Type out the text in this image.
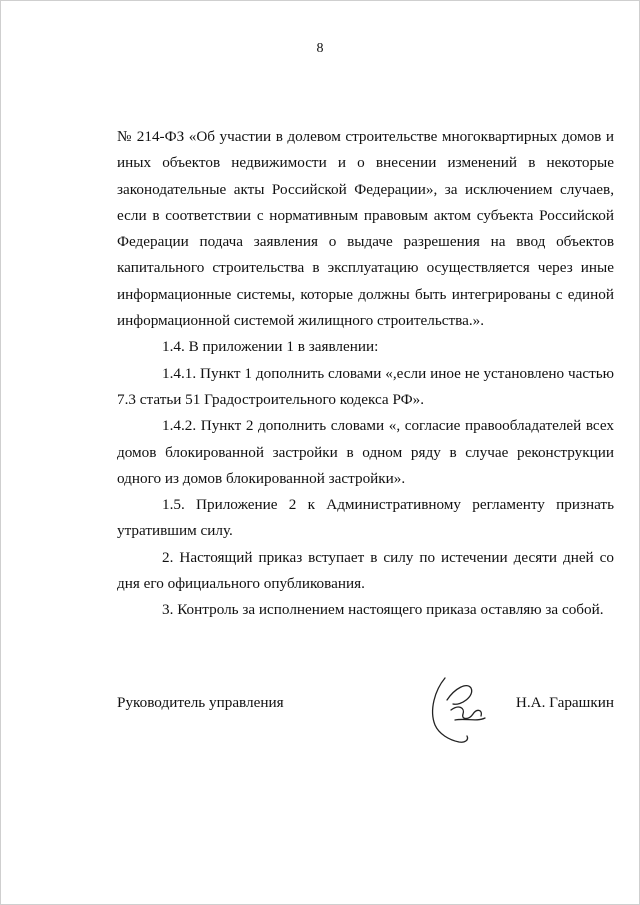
8

№ 214-ФЗ «Об участии в долевом строительстве многоквартирных домов и иных объектов недвижимости и о внесении изменений в некоторые законодательные акты Российской Федерации», за исключением случаев, если в соответствии с нормативным правовым актом субъекта Российской Федерации подача заявления о выдаче разрешения на ввод объектов капитального строительства в эксплуатацию осуществляется через иные информационные системы, которые должны быть интегрированы с единой информационной системой жилищного строительства.».

1.4. В приложении 1 в заявлении:

1.4.1. Пункт 1 дополнить словами «,если иное не установлено частью 7.3 статьи 51 Градостроительного кодекса РФ».

1.4.2. Пункт 2 дополнить словами «, согласие правообладателей всех домов блокированной застройки в одном ряду в случае реконструкции одного из домов блокированной застройки».

1.5. Приложение 2 к Административному регламенту признать утратившим силу.

2. Настоящий приказ вступает в силу по истечении десяти дней со дня его официального опубликования.

3. Контроль за исполнением настоящего приказа оставляю за собой.

Руководитель управления	Н.А. Гарашкин
